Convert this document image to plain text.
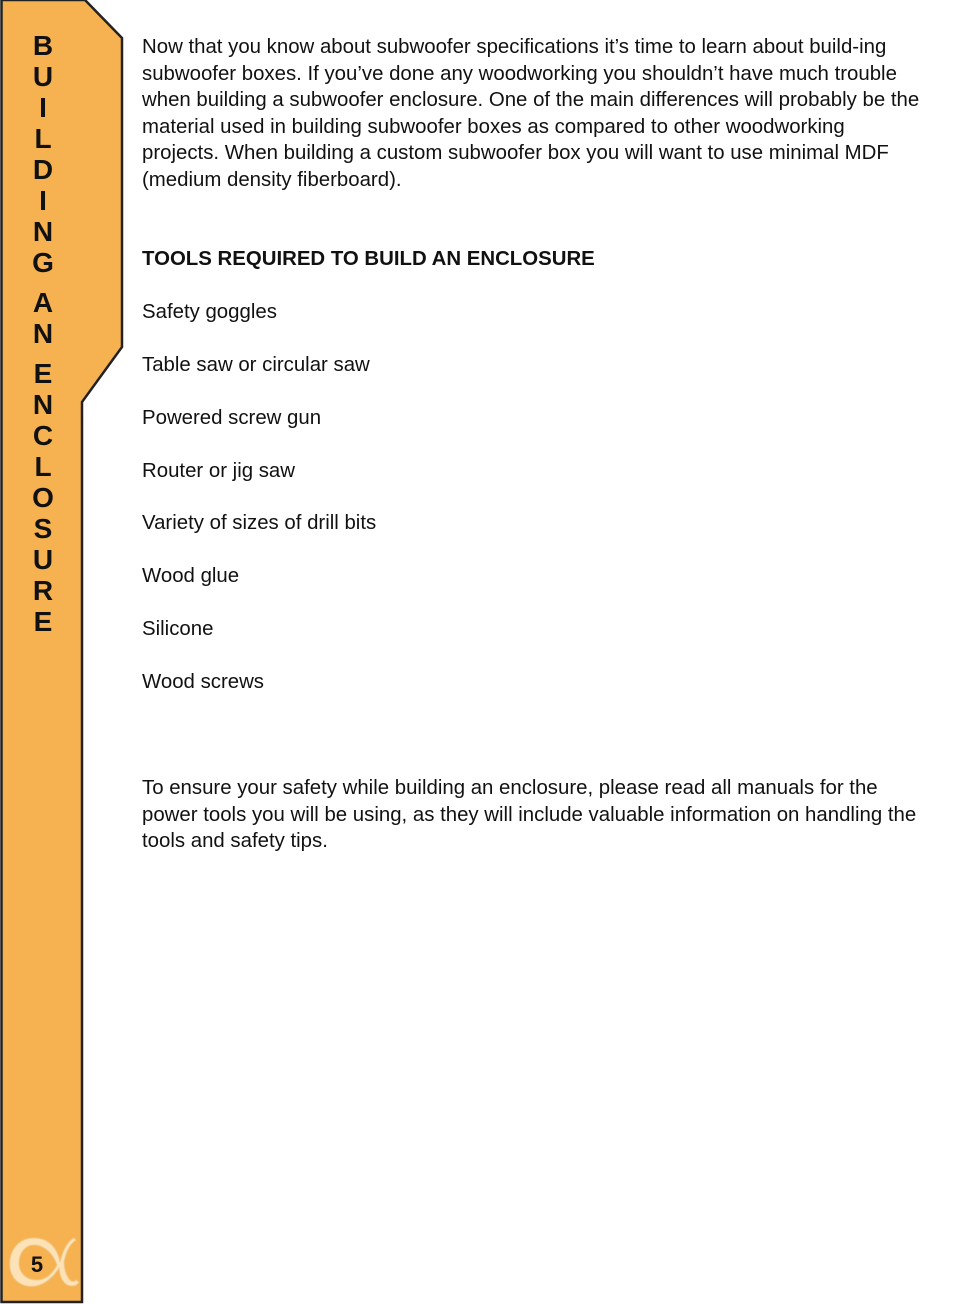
B
U
I
L
D
I
N
G
A
N
E
N
C
L
O
S
U
R
E
5

Now that you know about subwoofer specifications it’s time to learn about build-ing subwoofer boxes. If you’ve done any woodworking you shouldn’t have much trouble when building a subwoofer enclosure. One of the main differences will probably be the material used in building subwoofer boxes as compared to other woodworking projects. When building a custom subwoofer box you will want to use minimal MDF (medium density fiberboard).

TOOLS REQUIRED TO BUILD AN ENCLOSURE

Safety goggles
Table saw or circular saw
Powered screw gun
Router or jig saw
Variety of sizes of drill bits
Wood glue
Silicone
Wood screws

To ensure your safety while building an enclosure, please read all manuals for the power tools you will be using, as they will include valuable information on handling the tools and safety tips.
